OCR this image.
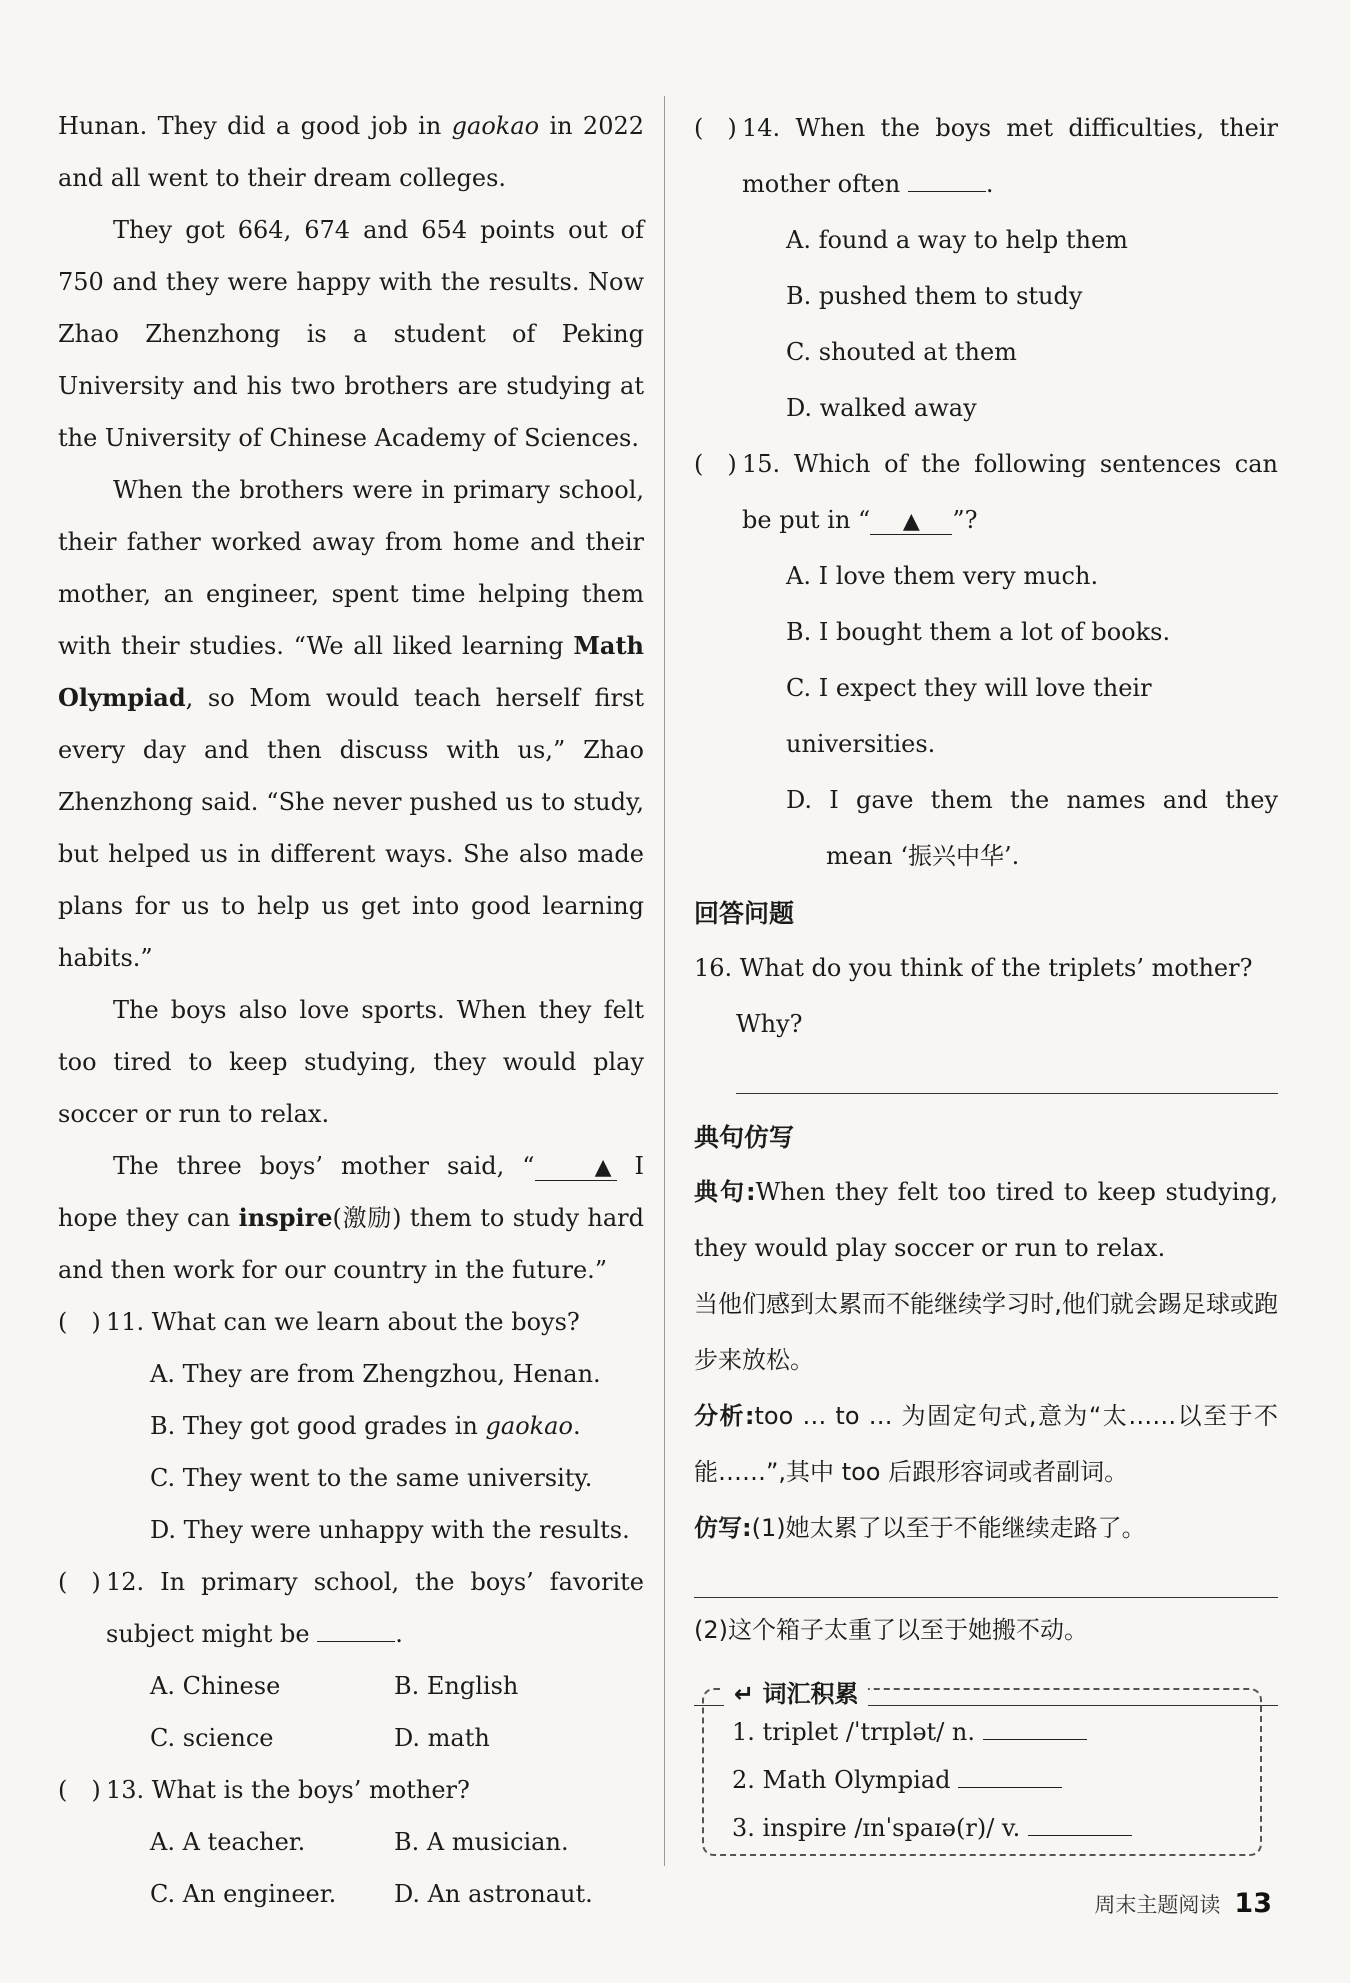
Hunan. They did a good job in gaokao in 2022 and all went to their dream colleges.

They got 664, 674 and 654 points out of 750 and they were happy with the results. Now Zhao Zhenzhong is a student of Peking University and his two brothers are studying at the University of Chinese Academy of Sciences.

When the brothers were in primary school, their father worked away from home and their mother, an engineer, spent time helping them with their studies. “We all liked learning Math Olympiad, so Mom would teach herself first every day and then discuss with us,” Zhao Zhenzhong said. “She never pushed us to study, but helped us in different ways. She also made plans for us to help us get into good learning habits.”

The boys also love sports. When they felt too tired to keep studying, they would play soccer or run to relax.

The three boys’ mother said, “	▲ I hope they can inspire(激励) them to study hard and then work for our country in the future.”

(　) 11. What can we learn about the boys?
A. They are from Zhengzhou, Henan.
B. They got good grades in gaokao.
C. They went to the same university.
D. They were unhappy with the results.
(　) 12. In primary school, the boys’ favorite subject might be	.
A. Chinese	B. English
C. science	D. math
(　) 13. What is the boys’ mother?
A. A teacher.	B. A musician.
C. An engineer.	D. An astronaut.
(　) 14. When the boys met difficulties, their mother often	.
A. found a way to help them
B. pushed them to study
C. shouted at them
D. walked away
(　) 15. Which of the following sentences can be put in “ ▲ ”?
A. I love them very much.
B. I bought them a lot of books.
C. I expect they will love their universities.
D. I gave them the names and they mean ‘振兴中华’.
回答问题
16. What do you think of the triplets’ mother? Why?
典句仿写

典句:When they felt too tired to keep studying, they would play soccer or run to relax.

当他们感到太累而不能继续学习时,他们就会踢足球或跑步来放松。

分析:too … to … 为固定句式,意为“太……以至于不能……”,其中 too 后跟形容词或者副词。

仿写:(1)她太累了以至于不能继续走路了。

(2)这个箱子太重了以至于她搬不动。

↵ 词汇积累
1. triplet /ˈtrɪplət/ n.
2. Math Olympiad
3. inspire /ɪnˈspaɪə(r)/ v.
周末主题阅读 13
